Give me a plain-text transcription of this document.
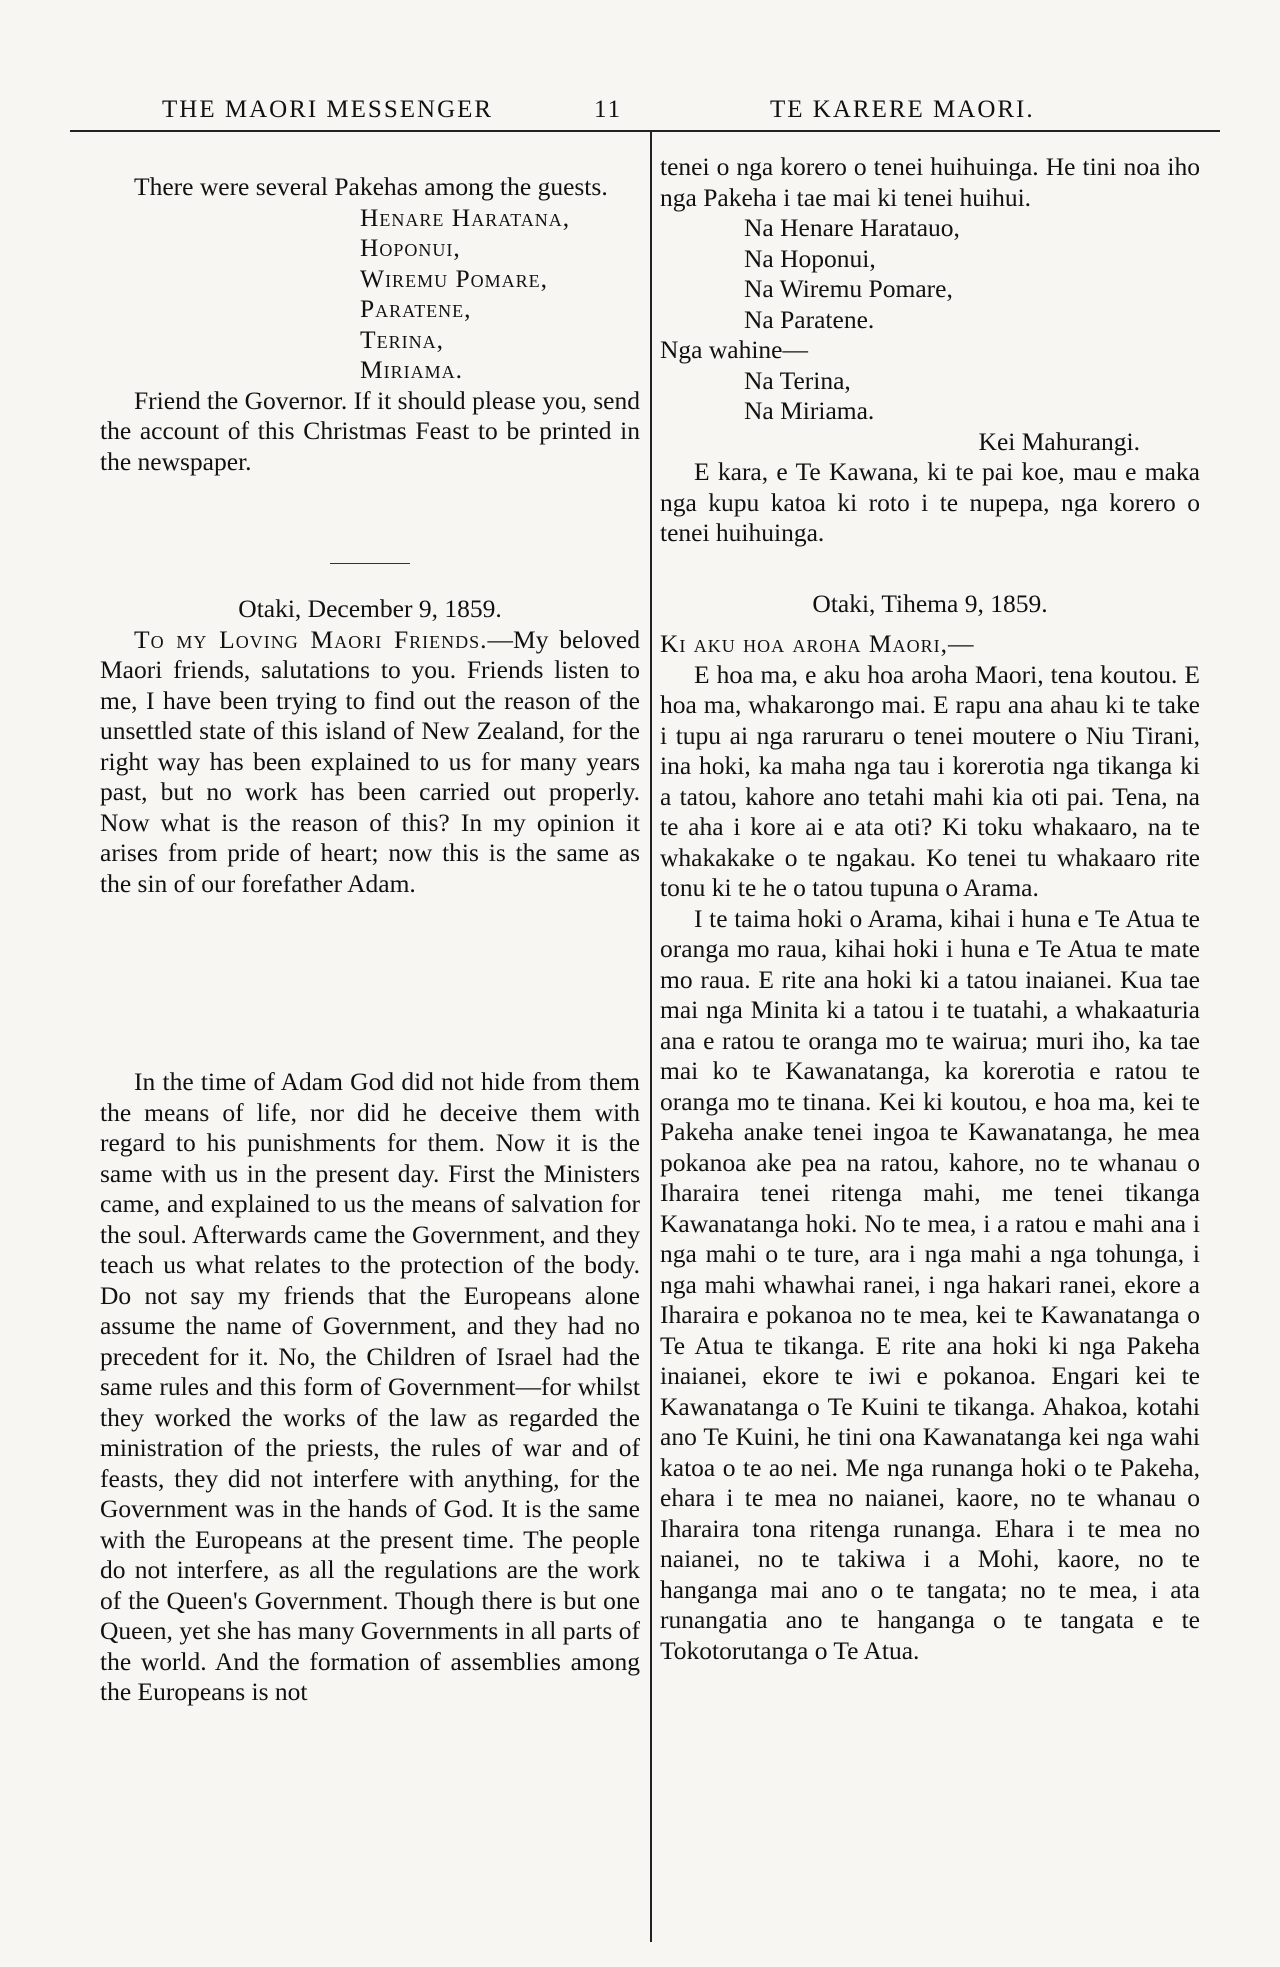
THE MAORI MESSENGER	11	TE KARERE MAORI.

There were several Pakehas among the guests.

Henare Haratana,

Hoponui,

Wiremu Pomare,

Paratene,

Terina,

Miriama.

Friend the Governor. If it should please you, send the account of this Christmas Feast to be printed in the newspaper.

Otaki, December 9, 1859.

To my Loving Maori Friends.—My beloved Maori friends, salutations to you. Friends listen to me, I have been trying to find out the reason of the unsettled state of this island of New Zealand, for the right way has been explained to us for many years past, but no work has been carried out properly. Now what is the reason of this? In my opinion it arises from pride of heart; now this is the same as the sin of our forefather Adam.

In the time of Adam God did not hide from them the means of life, nor did he deceive them with regard to his punishments for them. Now it is the same with us in the present day. First the Ministers came, and explained to us the means of salvation for the soul. Afterwards came the Government, and they teach us what relates to the protection of the body. Do not say my friends that the Europeans alone assume the name of Government, and they had no precedent for it. No, the Children of Israel had the same rules and this form of Government—for whilst they worked the works of the law as regarded the ministration of the priests, the rules of war and of feasts, they did not interfere with anything, for the Government was in the hands of God. It is the same with the Europeans at the present time. The people do not interfere, as all the regulations are the work of the Queen's Government. Though there is but one Queen, yet she has many Governments in all parts of the world. And the formation of assemblies among the Europeans is not

tenei o nga korero o tenei huihuinga. He tini noa iho nga Pakeha i tae mai ki tenei huihui.

Na Henare Haratauo,

Na Hoponui,

Na Wiremu Pomare,

Na Paratene.

Nga wahine—

Na Terina,

Na Miriama.

Kei Mahurangi.

E kara, e Te Kawana, ki te pai koe, mau e maka nga kupu katoa ki roto i te nupepa, nga korero o tenei huihuinga.

Otaki, Tihema 9, 1859.

Ki aku hoa aroha Maori,—

E hoa ma, e aku hoa aroha Maori, tena koutou. E hoa ma, whakarongo mai. E rapu ana ahau ki te take i tupu ai nga raruraru o tenei moutere o Niu Tirani, ina hoki, ka maha nga tau i korerotia nga tikanga ki a tatou, kahore ano tetahi mahi kia oti pai. Tena, na te aha i kore ai e ata oti? Ki toku whakaaro, na te whakakake o te ngakau. Ko tenei tu whakaaro rite tonu ki te he o tatou tupuna o Arama.

I te taima hoki o Arama, kihai i huna e Te Atua te oranga mo raua, kihai hoki i huna e Te Atua te mate mo raua. E rite ana hoki ki a tatou inaianei. Kua tae mai nga Minita ki a tatou i te tuatahi, a whakaaturia ana e ratou te oranga mo te wairua; muri iho, ka tae mai ko te Kawanatanga, ka korerotia e ratou te oranga mo te tinana. Kei ki koutou, e hoa ma, kei te Pakeha anake tenei ingoa te Kawanatanga, he mea pokanoa ake pea na ratou, kahore, no te whanau o Iharaira tenei ritenga mahi, me tenei tikanga Kawanatanga hoki. No te mea, i a ratou e mahi ana i nga mahi o te ture, ara i nga mahi a nga tohunga, i nga mahi whawhai ranei, i nga hakari ranei, ekore a Iharaira e pokanoa no te mea, kei te Kawanatanga o Te Atua te tikanga. E rite ana hoki ki nga Pakeha inaianei, ekore te iwi e pokanoa. Engari kei te Kawanatanga o Te Kuini te tikanga. Ahakoa, kotahi ano Te Kuini, he tini ona Kawanatanga kei nga wahi katoa o te ao nei. Me nga runanga hoki o te Pakeha, ehara i te mea no naianei, kaore, no te whanau o Iharaira tona ritenga runanga. Ehara i te mea no naianei, no te takiwa i a Mohi, kaore, no te hanganga mai ano o te tangata; no te mea, i ata runangatia ano te hanganga o te tangata e te Tokotorutanga o Te Atua.
